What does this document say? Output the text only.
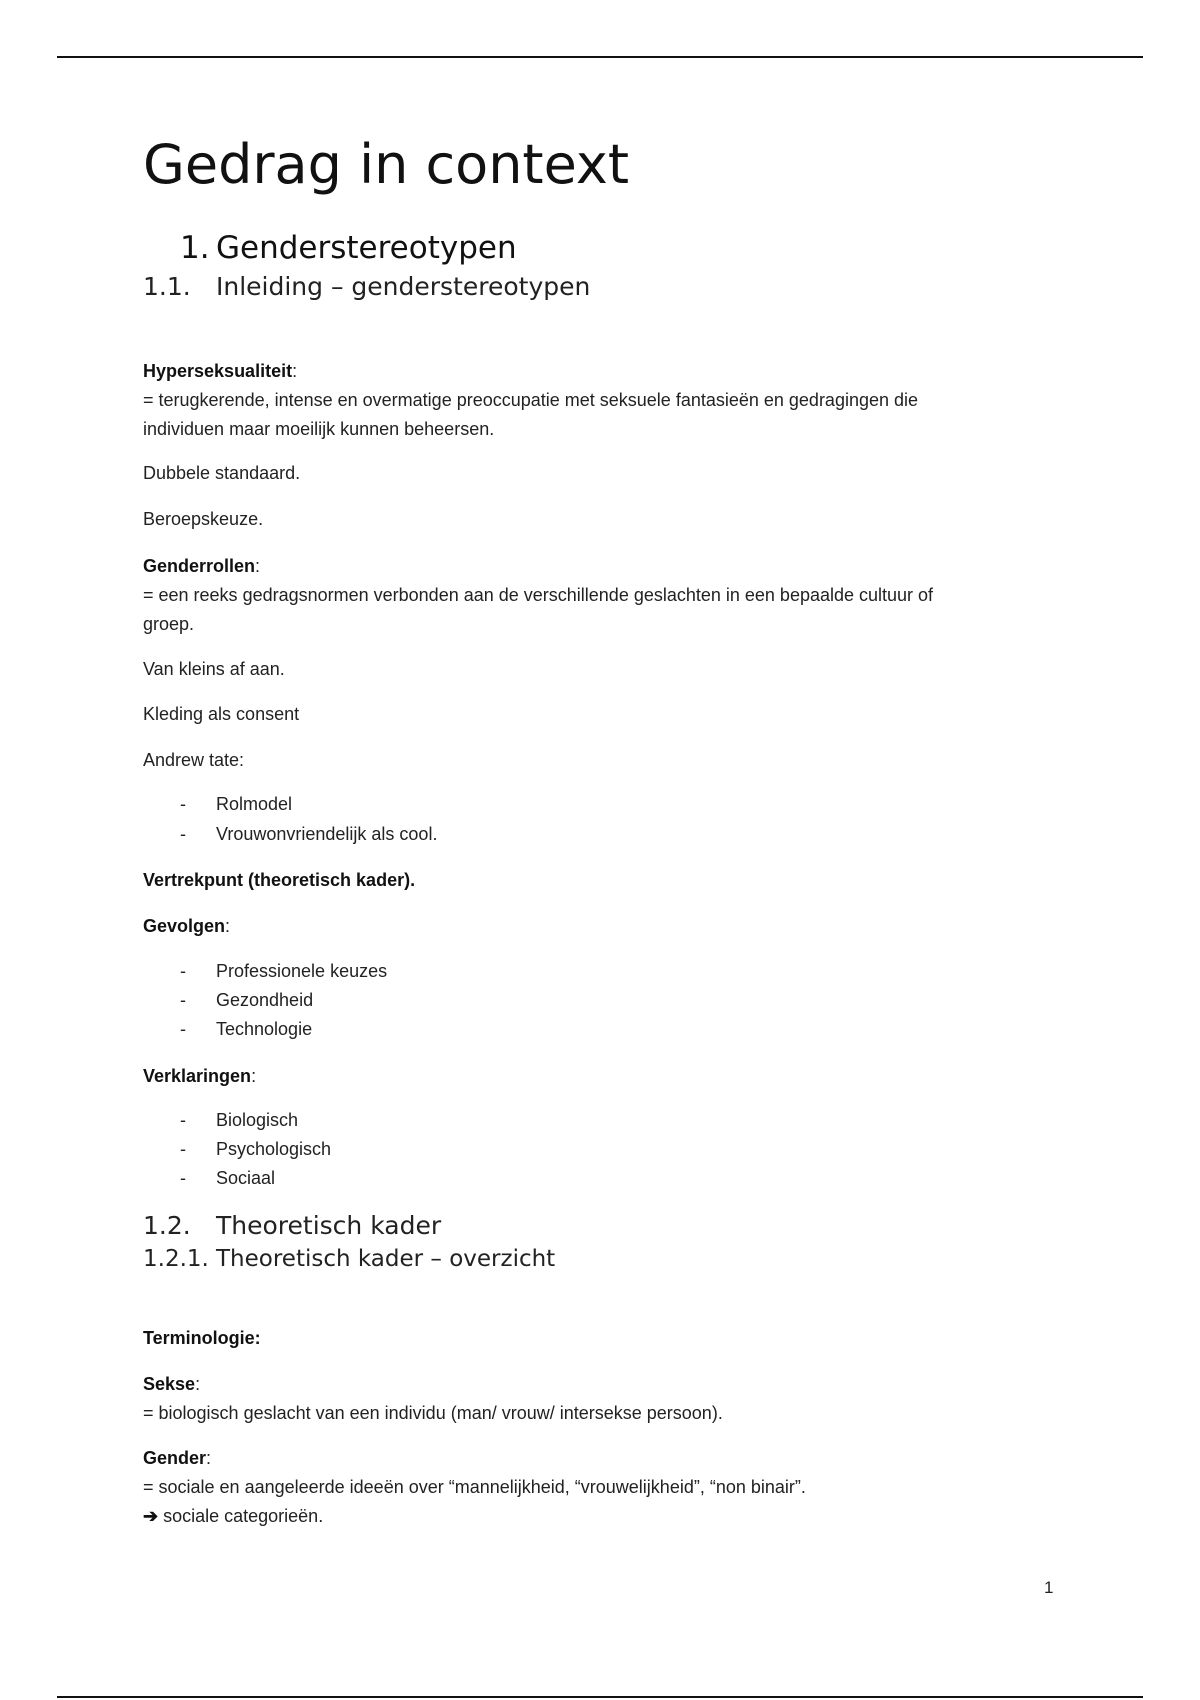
Gedrag in context
1. Genderstereotypen
1.1. Inleiding – genderstereotypen
Hyperseksualiteit:
= terugkerende, intense en overmatige preoccupatie met seksuele fantasieën en gedragingen die
individuen maar moeilijk kunnen beheersen.
Dubbele standaard.
Beroepskeuze.
Genderrollen:
= een reeks gedragsnormen verbonden aan de verschillende geslachten in een bepaalde cultuur of
groep.
Van kleins af aan.
Kleding als consent
Andrew tate:
- Rolmodel
- Vrouwonvriendelijk als cool.
Vertrekpunt (theoretisch kader).
Gevolgen:
- Professionele keuzes
- Gezondheid
- Technologie
Verklaringen:
- Biologisch
- Psychologisch
- Sociaal
1.2. Theoretisch kader
1.2.1. Theoretisch kader – overzicht
Terminologie:
Sekse:
= biologisch geslacht van een individu (man/ vrouw/ intersekse persoon).
Gender:
= sociale en aangeleerde ideeën over “mannelijkheid, “vrouwelijkheid”, “non binair”.
➔ sociale categorieën.
1
